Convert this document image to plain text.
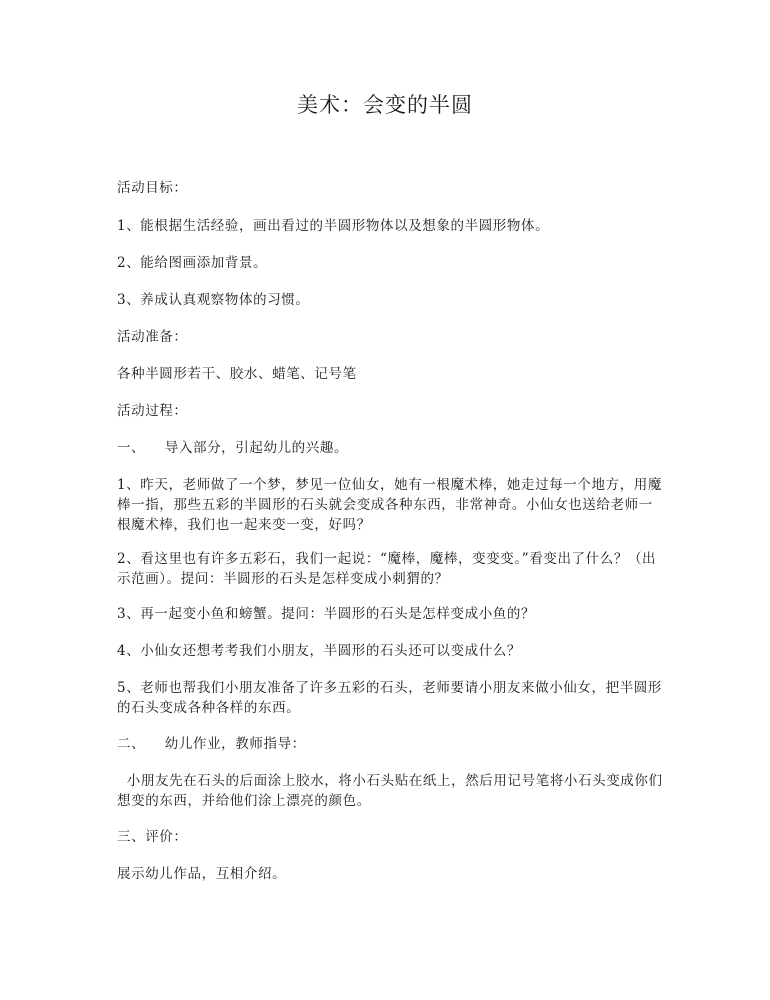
美术：会变的半圆

活动目标：

1、能根据生活经验，画出看过的半圆形物体以及想象的半圆形物体。

2、能给图画添加背景。

3、养成认真观察物体的习惯。

活动准备：

各种半圆形若干、胶水、蜡笔、记号笔

活动过程：

一、    导入部分，引起幼儿的兴趣。

1、昨天，老师做了一个梦，梦见一位仙女，她有一根魔术棒，她走过每一个地方，用魔棒一指，那些五彩的半圆形的石头就会变成各种东西，非常神奇。小仙女也送给老师一根魔术棒，我们也一起来变一变，好吗？

2、看这里也有许多五彩石，我们一起说：“魔棒，魔棒，变变变。”看变出了什么？（出示范画）。提问：半圆形的石头是怎样变成小刺猬的？

3、再一起变小鱼和螃蟹。提问：半圆形的石头是怎样变成小鱼的？

4、小仙女还想考考我们小朋友，半圆形的石头还可以变成什么？

5、老师也帮我们小朋友准备了许多五彩的石头，老师要请小朋友来做小仙女，把半圆形的石头变成各种各样的东西。

二、    幼儿作业，教师指导：

小朋友先在石头的后面涂上胶水，将小石头贴在纸上，然后用记号笔将小石头变成你们想变的东西，并给他们涂上漂亮的颜色。

三、评价：

展示幼儿作品，互相介绍。
